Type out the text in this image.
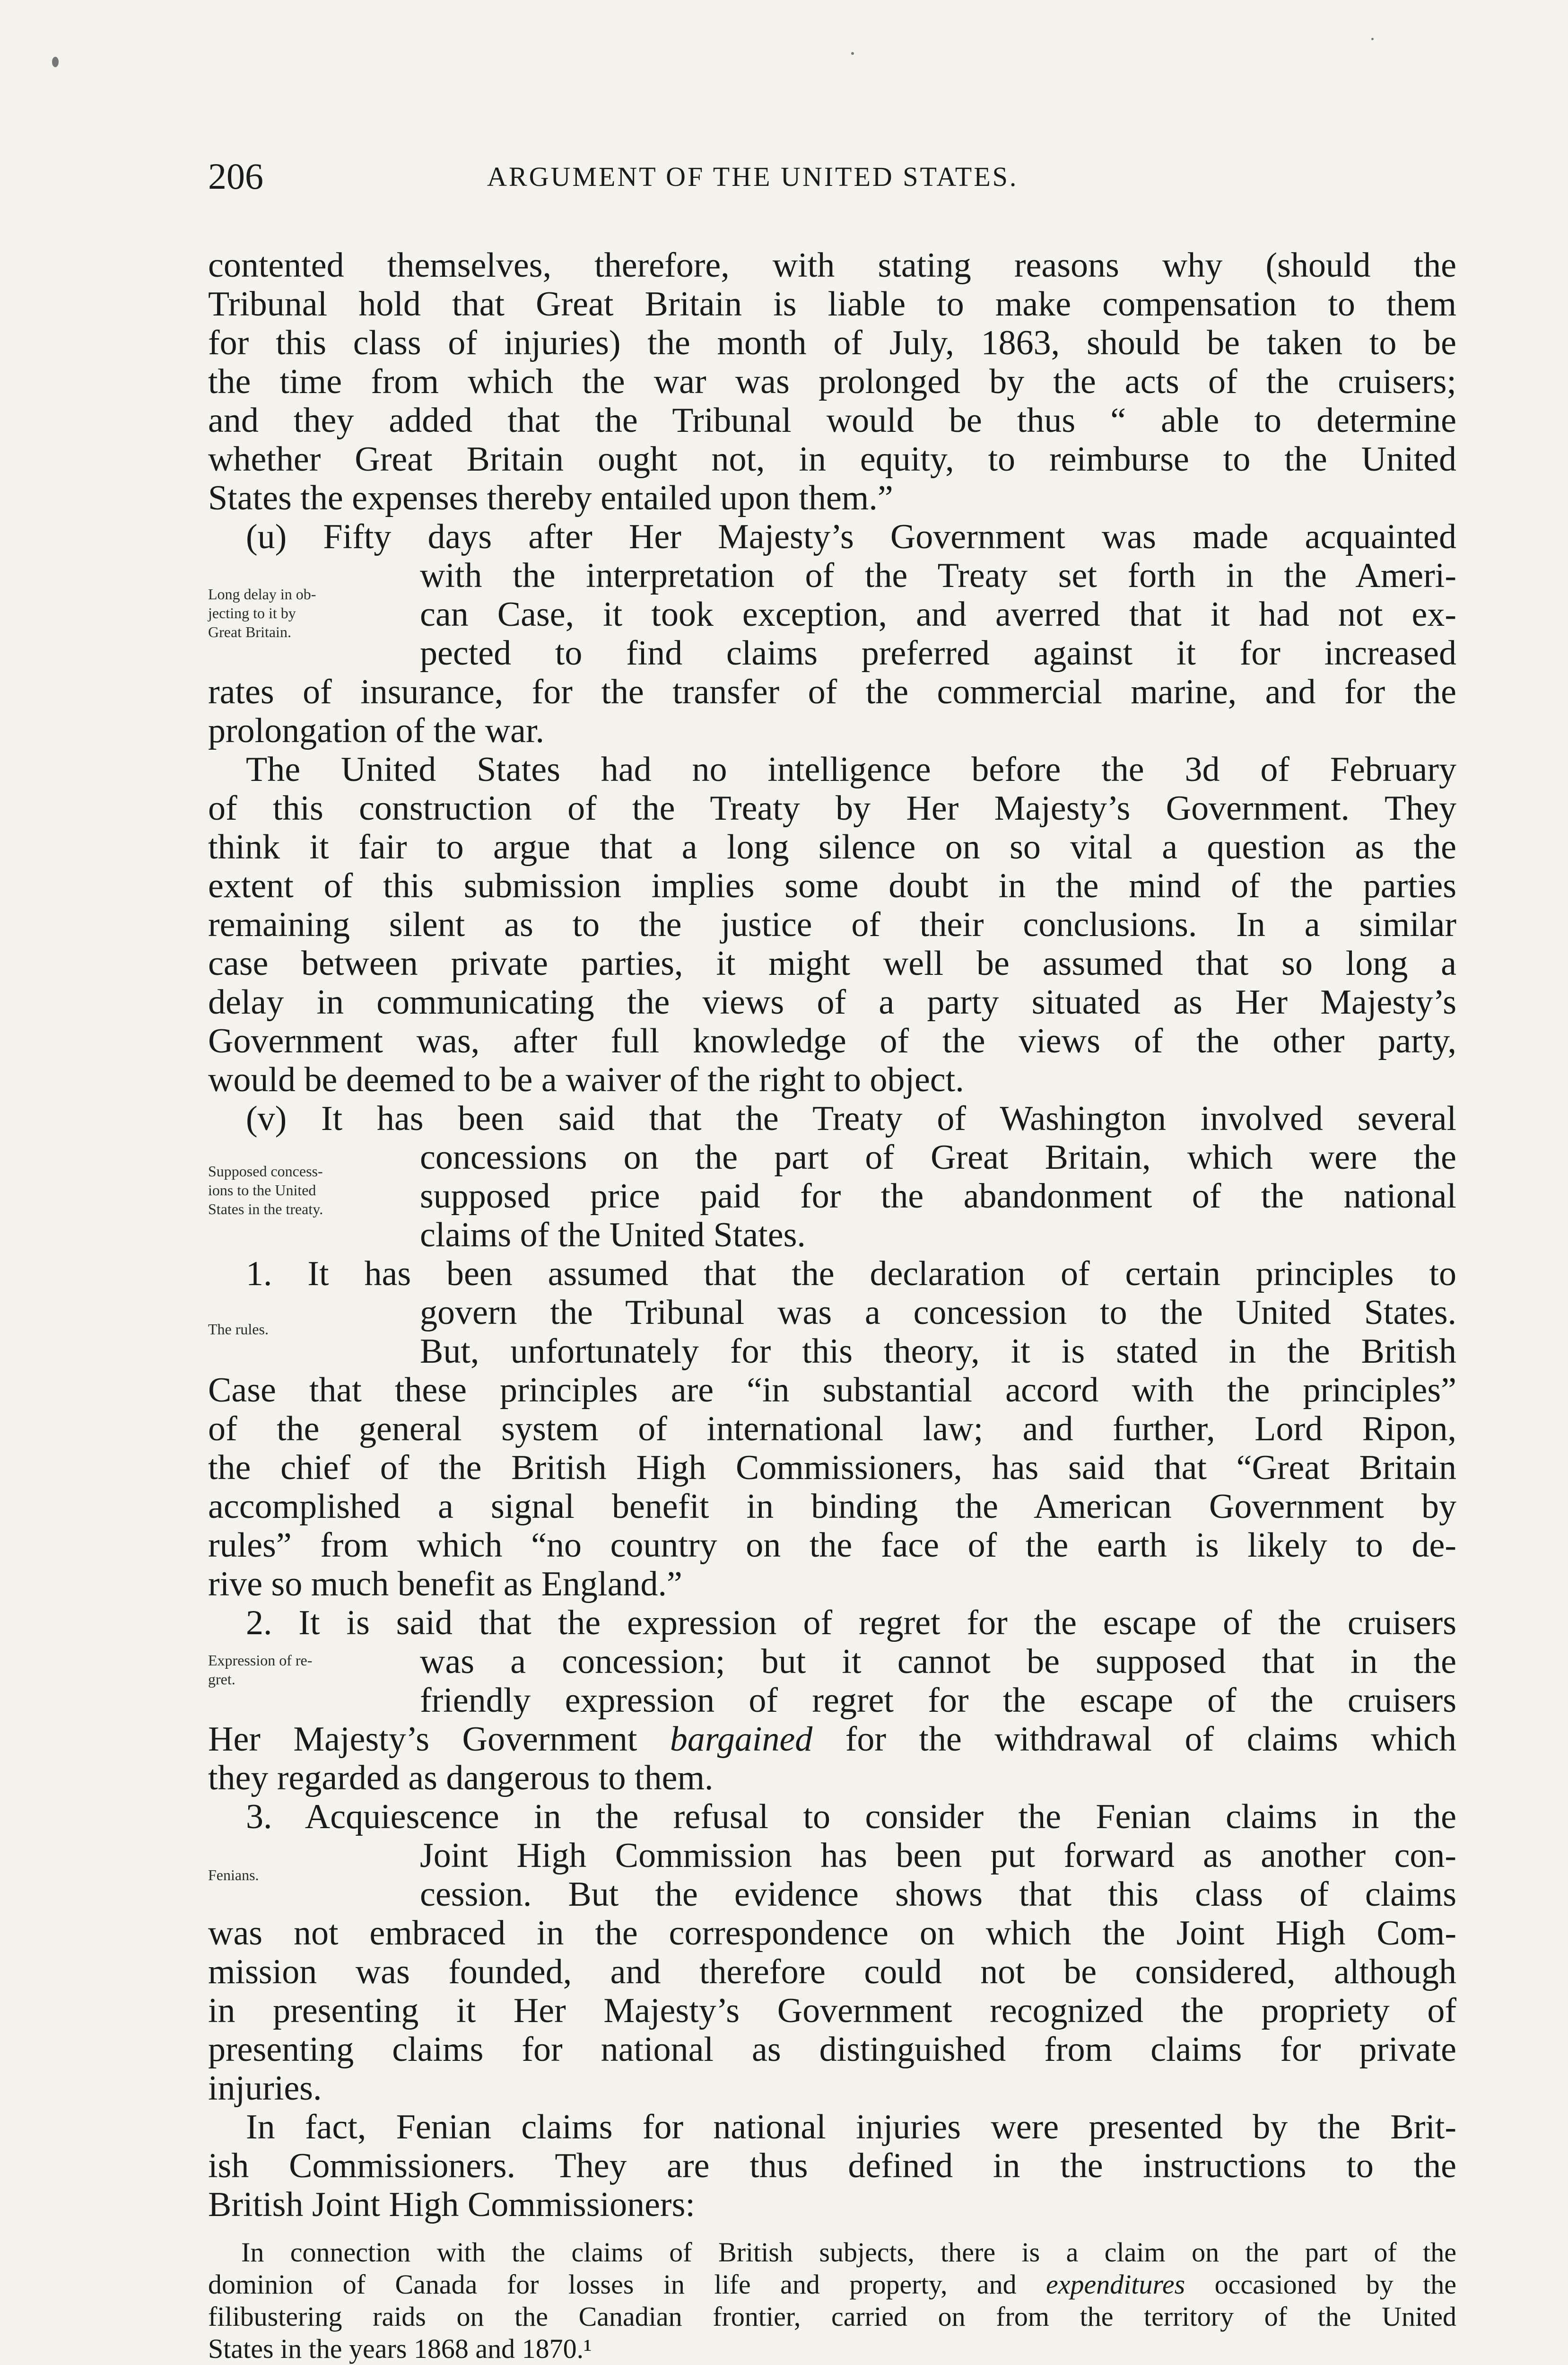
206	ARGUMENT OF THE UNITED STATES.
contented themselves, therefore, with stating reasons why (should the
Tribunal hold that Great Britain is liable to make compensation to them
for this class of injuries) the month of July, 1863, should be taken to be
the time from which the war was prolonged by the acts of the cruisers;
and they added that the Tribunal would be thus “ able to determine
whether Great Britain ought not, in equity, to reimburse to the United
States the expenses thereby entailed upon them.”
(u) Fifty days after Her Majesty’s Government was made acquainted
Long delay in ob-
jecting to it by
Great Britain.
with the interpretation of the Treaty set forth in the Ameri-
can Case, it took exception, and averred that it had not ex-
pected to find claims preferred against it for increased
rates of insurance, for the transfer of the commercial marine, and for the
prolongation of the war.
The United States had no intelligence before the 3d of February
of this construction of the Treaty by Her Majesty’s Government. They
think it fair to argue that a long silence on so vital a question as the
extent of this submission implies some doubt in the mind of the parties
remaining silent as to the justice of their conclusions. In a similar
case between private parties, it might well be assumed that so long a
delay in communicating the views of a party situated as Her Majesty’s
Government was, after full knowledge of the views of the other party,
would be deemed to be a waiver of the right to object.
(v) It has been said that the Treaty of Washington involved several
Supposed concess-
ions to the United
States in the treaty.
concessions on the part of Great Britain, which were the
supposed price paid for the abandonment of the national
claims of the United States.
1. It has been assumed that the declaration of certain principles to
The rules.	govern the Tribunal was a concession to the United States.
But, unfortunately for this theory, it is stated in the British
Case that these principles are “in substantial accord with the principles”
of the general system of international law; and further, Lord Ripon,
the chief of the British High Commissioners, has said that “Great Britain
accomplished a signal benefit in binding the American Government by
rules” from which “no country on the face of the earth is likely to de-
rive so much benefit as England.”
2. It is said that the expression of regret for the escape of the cruisers
Expression of re-
gret.	was a concession; but it cannot be supposed that in the
friendly expression of regret for the escape of the cruisers
Her Majesty’s Government bargained for the withdrawal of claims which
they regarded as dangerous to them.
3. Acquiescence in the refusal to consider the Fenian claims in the
Fenians.	Joint High Commission has been put forward as another con-
cession. But the evidence shows that this class of claims
was not embraced in the correspondence on which the Joint High Com-
mission was founded, and therefore could not be considered, although
in presenting it Her Majesty’s Government recognized the propriety of
presenting claims for national as distinguished from claims for private
injuries.
In fact, Fenian claims for national injuries were presented by the Brit-
ish Commissioners. They are thus defined in the instructions to the
British Joint High Commissioners:
In connection with the claims of British subjects, there is a claim on the part of the
dominion of Canada for losses in life and property, and expenditures occasioned by the
filibustering raids on the Canadian frontier, carried on from the territory of the United
States in the years 1868 and 1870.¹
